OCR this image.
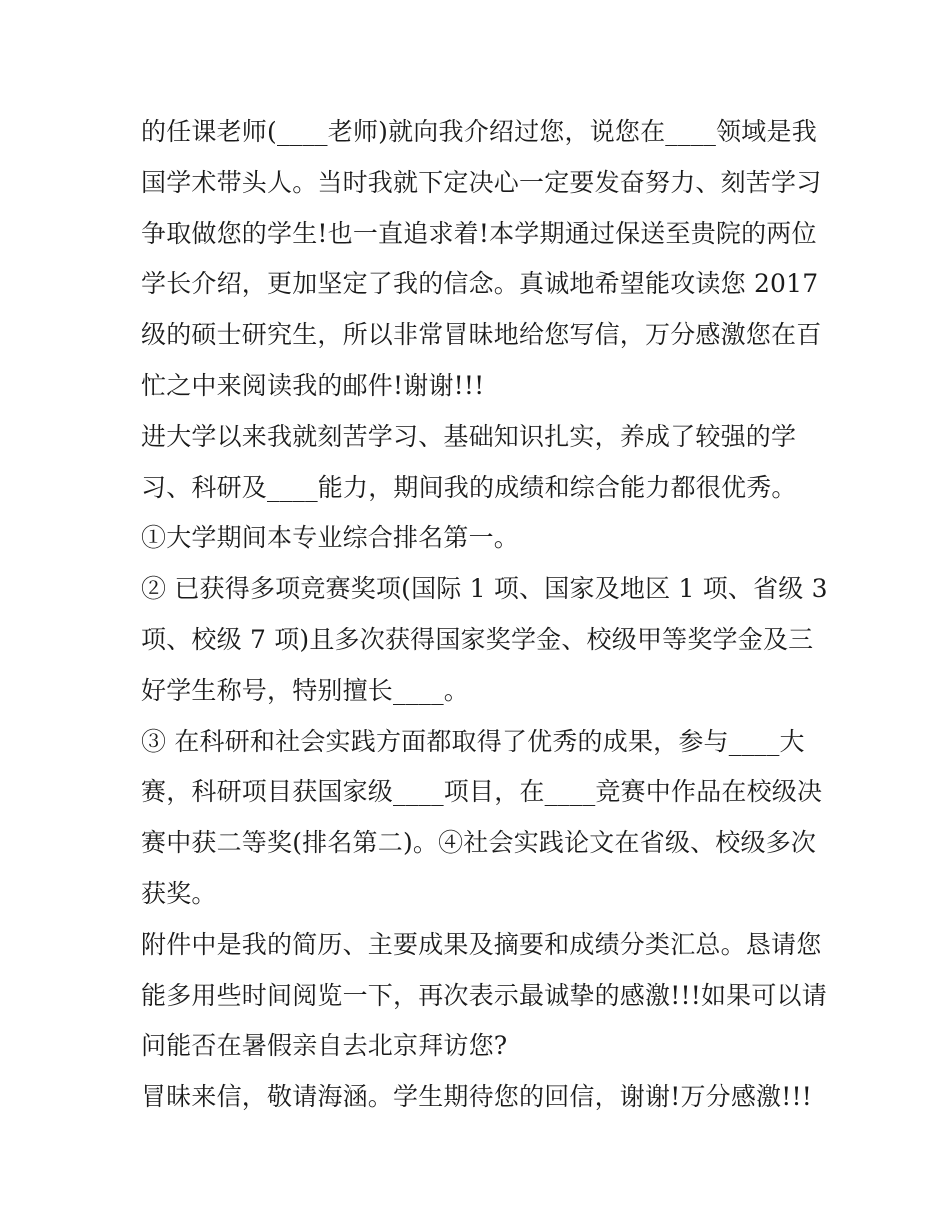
的任课老师(____老师)就向我介绍过您，说您在____领域是我
国学术带头人。当时我就下定决心一定要发奋努力、刻苦学习
争取做您的学生!也一直追求着!本学期通过保送至贵院的两位
学长介绍，更加坚定了我的信念。真诚地希望能攻读您 2017
级的硕士研究生，所以非常冒昧地给您写信，万分感激您在百
忙之中来阅读我的邮件!谢谢!!!
进大学以来我就刻苦学习、基础知识扎实，养成了较强的学
习、科研及____能力，期间我的成绩和综合能力都很优秀。
①大学期间本专业综合排名第一。
② 已获得多项竞赛奖项(国际 1 项、国家及地区 1 项、省级 3
项、校级 7 项)且多次获得国家奖学金、校级甲等奖学金及三
好学生称号，特别擅长____。
③ 在科研和社会实践方面都取得了优秀的成果，参与____大
赛，科研项目获国家级____项目，在____竞赛中作品在校级决
赛中获二等奖(排名第二)。④社会实践论文在省级、校级多次
获奖。
附件中是我的简历、主要成果及摘要和成绩分类汇总。恳请您
能多用些时间阅览一下，再次表示最诚挚的感激!!!如果可以请
问能否在暑假亲自去北京拜访您?
冒昧来信，敬请海涵。学生期待您的回信，谢谢!万分感激!!!
